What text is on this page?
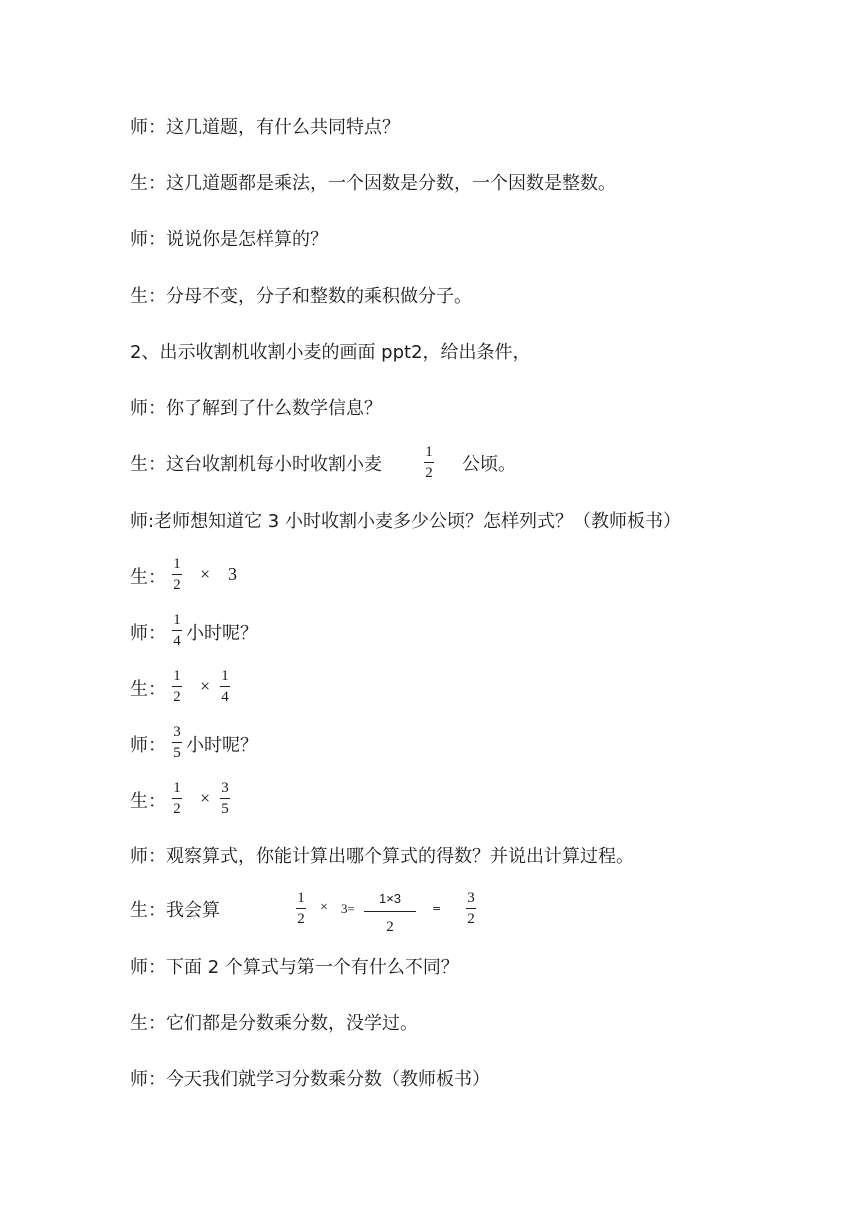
师：这几道题，有什么共同特点？
生：这几道题都是乘法，一个因数是分数，一个因数是整数。
师：说说你是怎样算的？
生：分母不变，分子和整数的乘积做分子。
2、出示收割机收割小麦的画面 ppt2，给出条件，
师：你了解到了什么数学信息？
生：这台收割机每小时收割小麦
1
2 公顷。
师:老师想知道它 3 小时收割小麦多少公顷？怎样列式？（教师板书）
生：
1
2
× 3
师：
1
4 小时呢？
生：
1
2
× 1
4
师：
3
5 小时呢？
生：
1
2
× 3
5
师：观察算式，你能计算出哪个算式的得数？并说出计算过程。
生：我会算
1
2
× 3=
1×3
2
=
3
2
师：下面 2 个算式与第一个有什么不同？
生：它们都是分数乘分数，没学过。
师：今天我们就学习分数乘分数（教师板书）
